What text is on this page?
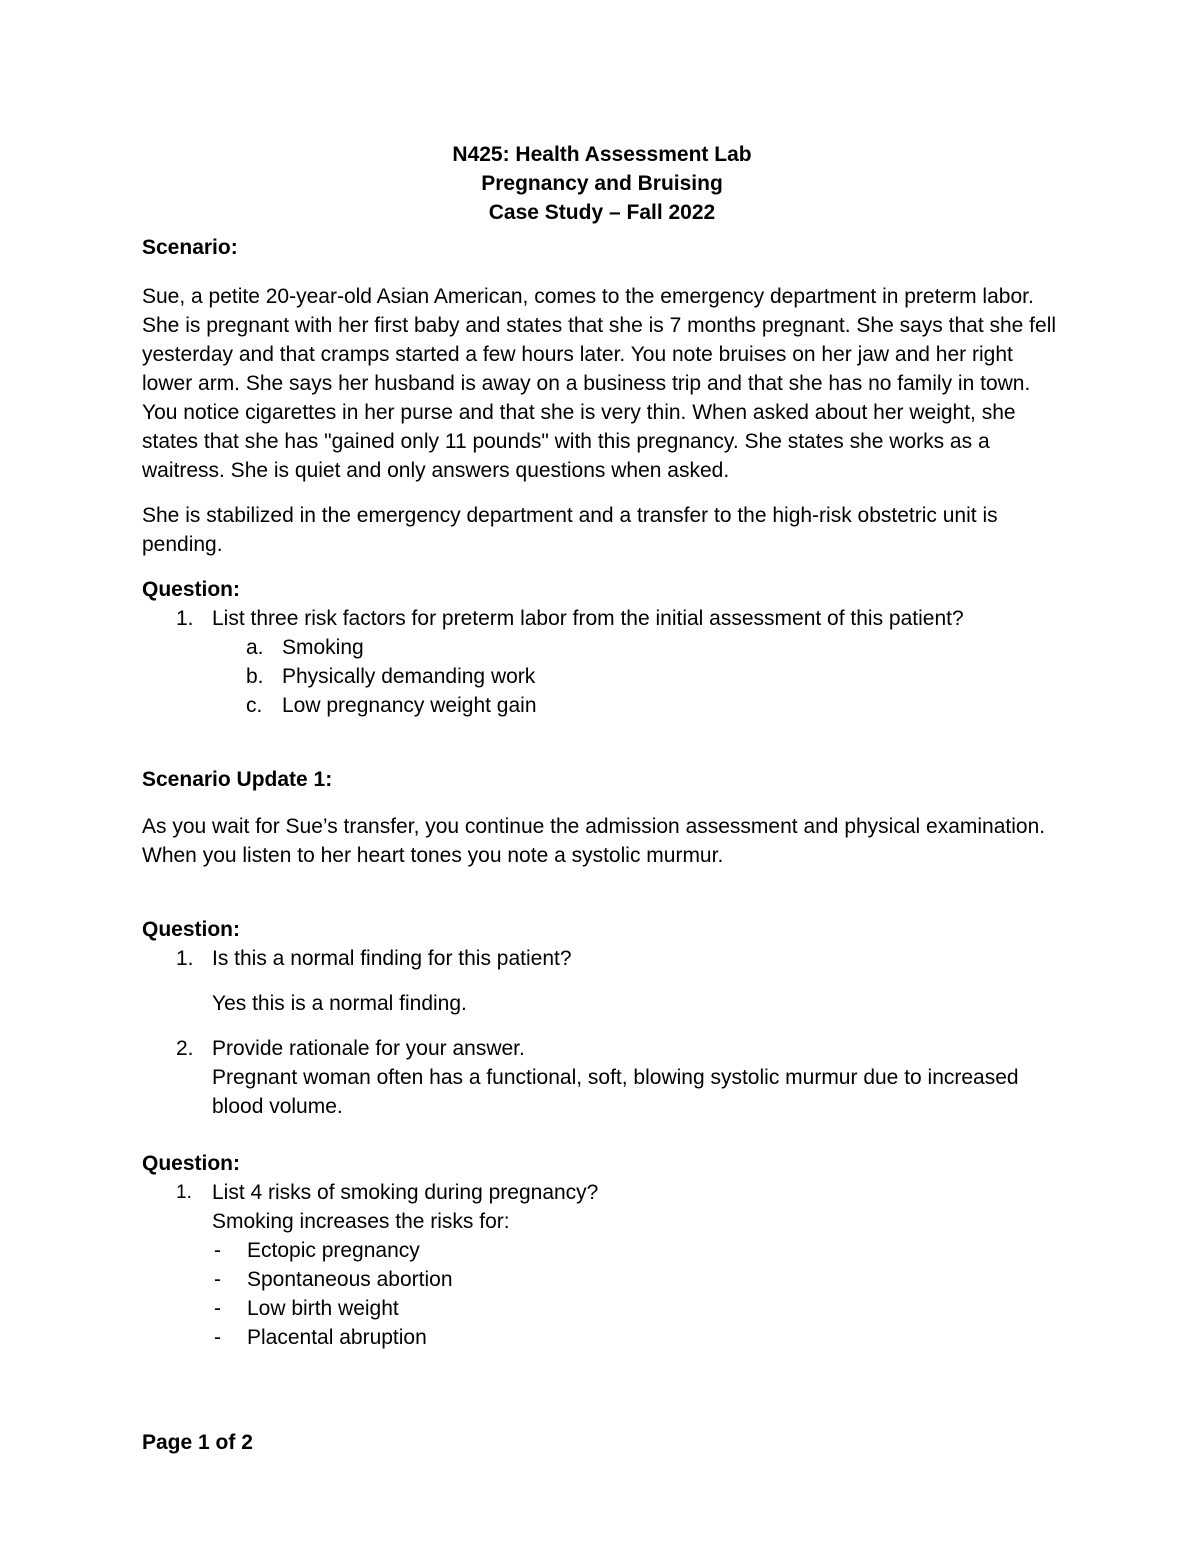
N425: Health Assessment Lab
Pregnancy and Bruising
Case Study – Fall 2022

Scenario:

Sue, a petite 20-year-old Asian American, comes to the emergency department in preterm labor. She is pregnant with her first baby and states that she is 7 months pregnant. She says that she fell yesterday and that cramps started a few hours later. You note bruises on her jaw and her right lower arm. She says her husband is away on a business trip and that she has no family in town. You notice cigarettes in her purse and that she is very thin. When asked about her weight, she states that she has "gained only 11 pounds" with this pregnancy. She states she works as a waitress. She is quiet and only answers questions when asked.

She is stabilized in the emergency department and a transfer to the high-risk obstetric unit is pending.

Question:

1. List three risk factors for preterm labor from the initial assessment of this patient?
a. Smoking
b. Physically demanding work
c. Low pregnancy weight gain

Scenario Update 1:

As you wait for Sue’s transfer, you continue the admission assessment and physical examination. When you listen to her heart tones you note a systolic murmur.

Question:

1. Is this a normal finding for this patient?

Yes this is a normal finding.

2. Provide rationale for your answer.

Pregnant woman often has a functional, soft, blowing systolic murmur due to increased blood volume.

Question:

1. List 4 risks of smoking during pregnancy?

Smoking increases the risks for:

- Ectopic pregnancy
- Spontaneous abortion
- Low birth weight
- Placental abruption
Page 1 of 2
